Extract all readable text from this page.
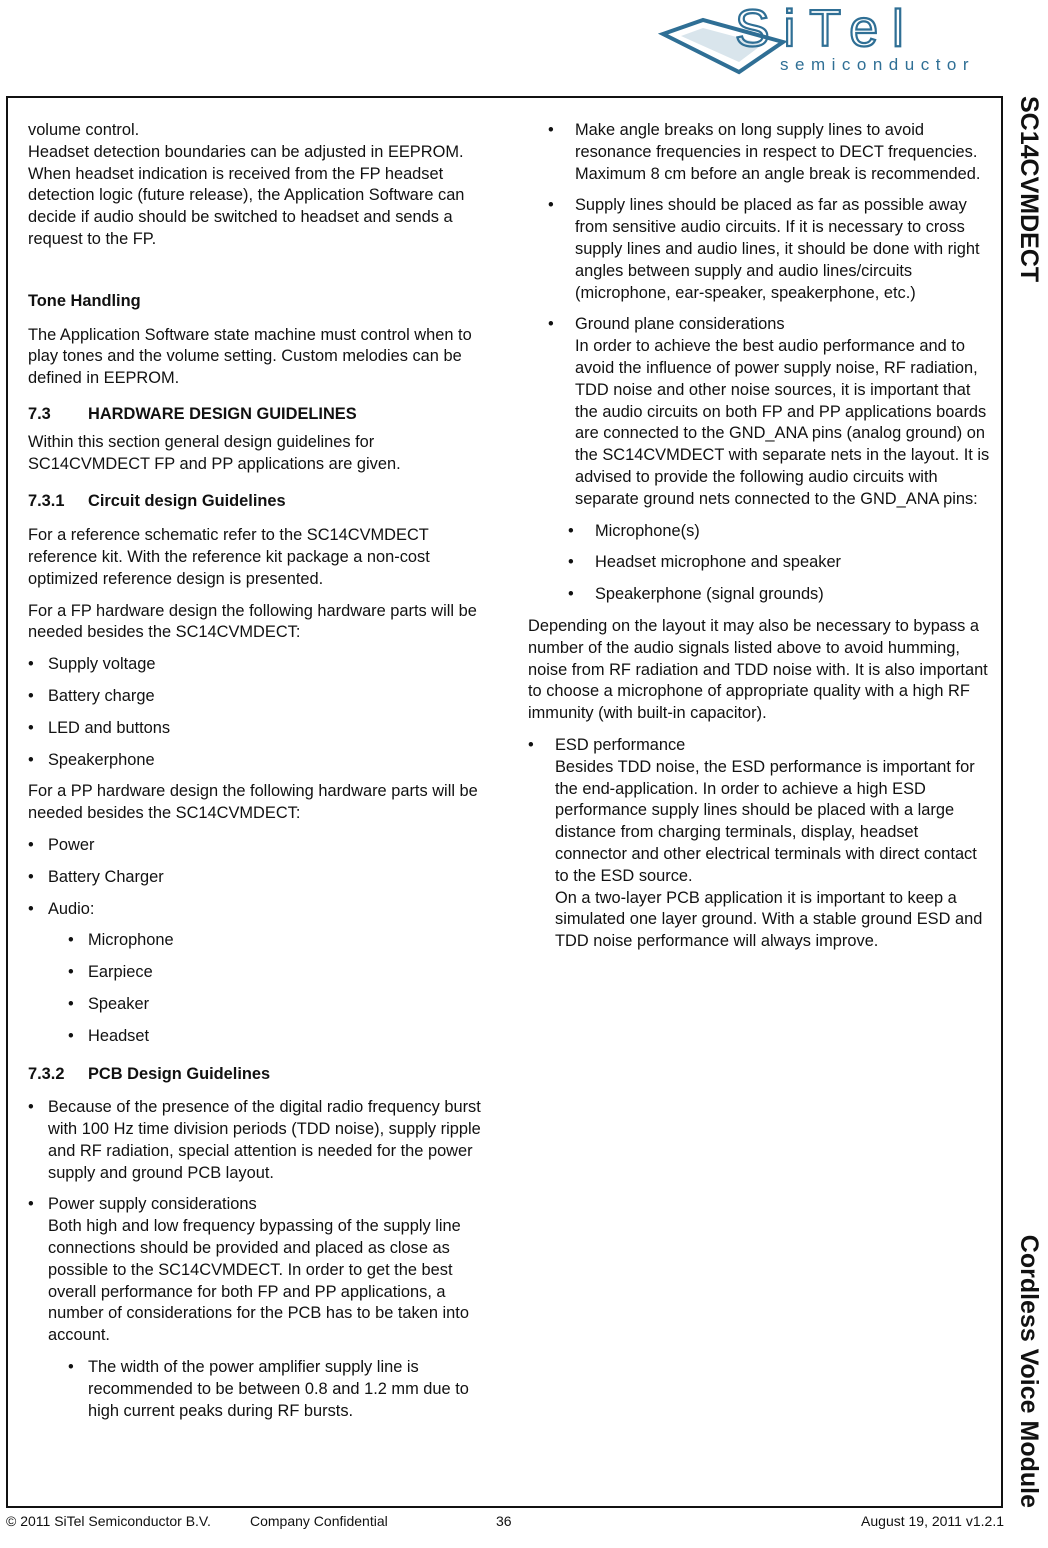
SiTel
semiconductor

volume control.
Headset detection boundaries can be adjusted in EEPROM. When headset indication is received from the FP headset detection logic (future release), the Application Software can decide if audio should be switched to headset and sends a request to the FP.

Tone Handling

The Application Software state machine must control when to play tones and the volume setting. Custom melodies can be defined in EEPROM.

7.3 HARDWARE DESIGN GUIDELINES

Within this section general design guidelines for SC14CVMDECT FP and PP applications are given.

7.3.1 Circuit design Guidelines

For a reference schematic refer to the SC14CVMDECT reference kit. With the reference kit package a non-cost optimized reference design is presented.

For a FP hardware design the following hardware parts will be needed besides the SC14CVMDECT:

• Supply voltage
• Battery charge
• LED and buttons
• Speakerphone

For a PP hardware design the following hardware parts will be needed besides the SC14CVMDECT:

• Power
• Battery Charger
• Audio:
• Microphone
• Earpiece
• Speaker
• Headset

7.3.2 PCB Design Guidelines

• Because of the presence of the digital radio frequency burst with 100 Hz time division periods (TDD noise), supply ripple and RF radiation, special attention is needed for the power supply and ground PCB layout.
• Power supply considerations
Both high and low frequency bypassing of the supply line connections should be provided and placed as close as possible to the SC14CVMDECT. In order to get the best overall performance for both FP and PP applications, a number of considerations for the PCB has to be taken into account.
• The width of the power amplifier supply line is recommended to be between 0.8 and 1.2 mm due to high current peaks during RF bursts.
• Make angle breaks on long supply lines to avoid resonance frequencies in respect to DECT frequencies. Maximum 8 cm before an angle break is recommended.
• Supply lines should be placed as far as possible away from sensitive audio circuits. If it is necessary to cross supply lines and audio lines, it should be done with right angles between supply and audio lines/circuits (microphone, ear-speaker, speakerphone, etc.)
• Ground plane considerations
In order to achieve the best audio performance and to avoid the influence of power supply noise, RF radiation, TDD noise and other noise sources, it is important that the audio circuits on both FP and PP applications boards are connected to the GND_ANA pins (analog ground) on the SC14CVMDECT with separate nets in the layout. It is advised to provide the following audio circuits with separate ground nets connected to the GND_ANA pins:
• Microphone(s)
• Headset microphone and speaker
• Speakerphone (signal grounds)

Depending on the layout it may also be necessary to bypass a number of the audio signals listed above to avoid humming, noise from RF radiation and TDD noise with. It is also important to choose a microphone of appropriate quality with a high RF immunity (with built-in capacitor).

• ESD performance
Besides TDD noise, the ESD performance is important for the end-application. In order to achieve a high ESD performance supply lines should be placed with a large distance from charging terminals, display, headset connector and other electrical terminals with direct contact to the ESD source.
On a two-layer PCB application it is important to keep a simulated one layer ground. With a stable ground ESD and TDD noise performance will always improve.
SC14CVMDECT
Cordless Voice Module
© 2011 SiTel Semiconductor B.V.	Company Confidential	36	August 19, 2011 v1.2.1
